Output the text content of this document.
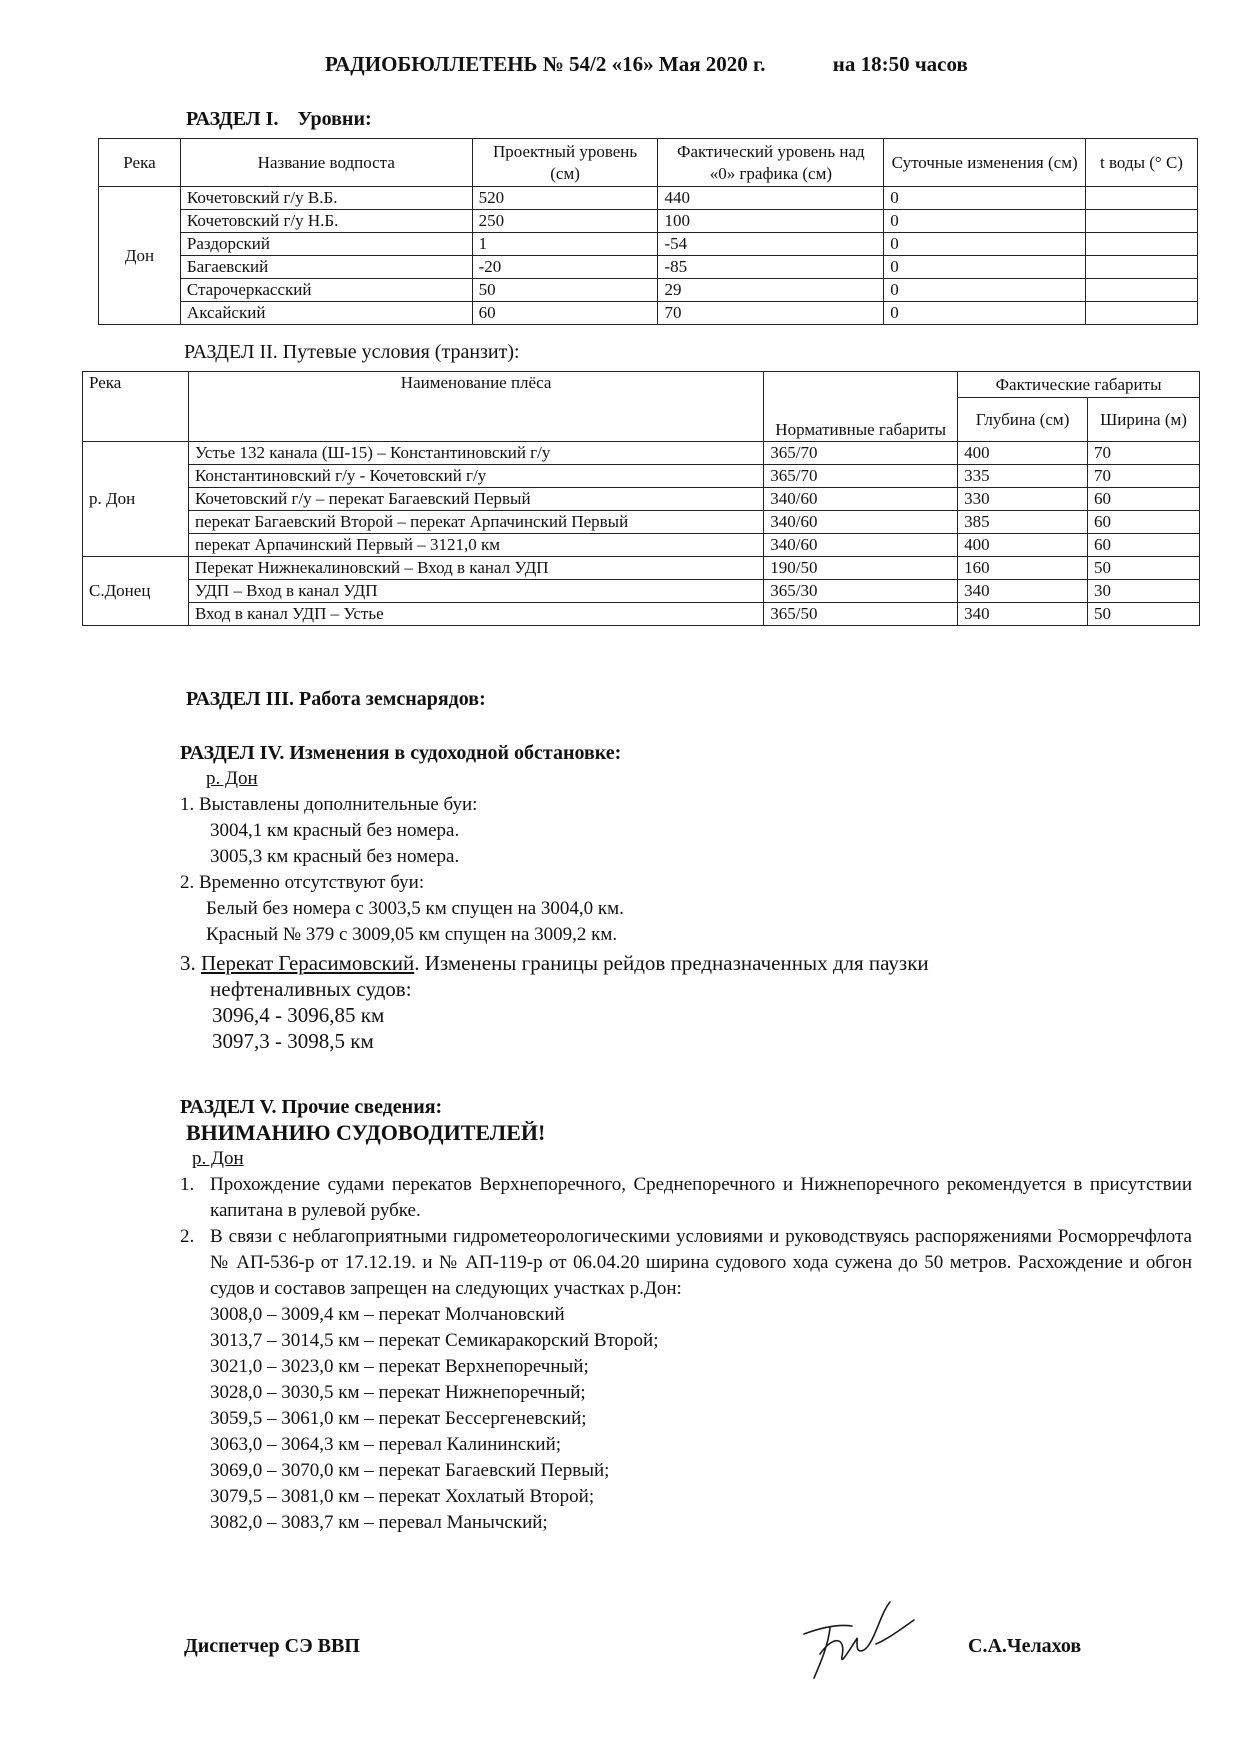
РАДИОБЮЛЛЕТЕНЬ № 54/2 «16» Мая 2020 г.	на 18:50 часов
РАЗДЕЛ I. Уровни:
Река	Название водпоста	Проектный уровень (см)	Фактический уровень над «0» графика (см)	Суточные изменения (см)	t воды (° С)
Дон	Кочетовский г/у В.Б.	520	440	0	
	Кочетовский г/у Н.Б.	250	100	0	
	Раздорский	1	-54	0	
	Багаевский	-20	-85	0	
	Старочеркасский	50	29	0	
	Аксайский	60	70	0	
РАЗДЕЛ II. Путевые условия (транзит):
Река	Наименование плёса	Нормативные габариты	Фактические габариты	
			Глубина (см)	Ширина (м)
р. Дон	Устье 132 канала (Ш-15) – Константиновский г/у	365/70	400	70
	Константиновский г/у - Кочетовский г/у	365/70	335	70
	Кочетовский г/у – перекат Багаевский Первый	340/60	330	60
	перекат Багаевский Второй – перекат Арпачинский Первый	340/60	385	60
	перекат Арпачинский Первый – 3121,0 км	340/60	400	60
С.Донец	Перекат Нижнекалиновский – Вход в канал УДП	190/50	160	50
	УДП – Вход в канал УДП	365/30	340	30
	Вход в канал УДП – Устье	365/50	340	50
РАЗДЕЛ III. Работа земснарядов:
РАЗДЕЛ IV. Изменения в судоходной обстановке:
р. Дон
1. Выставлены дополнительные буи:
3004,1 км красный без номера.
3005,3 км красный без номера.
2. Временно отсутствуют буи:
Белый без номера с 3003,5 км спущен на 3004,0 км.
Красный № 379 с 3009,05 км спущен на 3009,2 км.
3. Перекат Герасимовский. Изменены границы рейдов предназначенных для паузки
нефтеналивных судов:
3096,4 - 3096,85 км
3097,3 - 3098,5 км
РАЗДЕЛ V. Прочие сведения:
ВНИМАНИЮ СУДОВОДИТЕЛЕЙ!
р. Дон
1. Прохождение судами перекатов Верхнепоречного, Среднепоречного и Нижнепоречного рекомендуется в присутствии капитана в рулевой рубке.
2. В связи с неблагоприятными гидрометеорологическими условиями и руководствуясь распоряжениями Росморречфлота № АП-536-р от 17.12.19. и № АП-119-р от 06.04.20 ширина судового хода сужена до 50 метров. Расхождение и обгон судов и составов запрещен на следующих участках р.Дон:
3008,0 – 3009,4 км – перекат Молчановский
3013,7 – 3014,5 км – перекат Семикаракорский Второй;
3021,0 – 3023,0 км – перекат Верхнепоречный;
3028,0 – 3030,5 км – перекат Нижнепоречный;
3059,5 – 3061,0 км – перекат Бессергеневский;
3063,0 – 3064,3 км – перевал Калининский;
3069,0 – 3070,0 км – перекат Багаевский Первый;
3079,5 – 3081,0 км – перекат Хохлатый Второй;
3082,0 – 3083,7 км – перевал Манычский;
Диспетчер СЭ ВВП	С.А.Челахов
